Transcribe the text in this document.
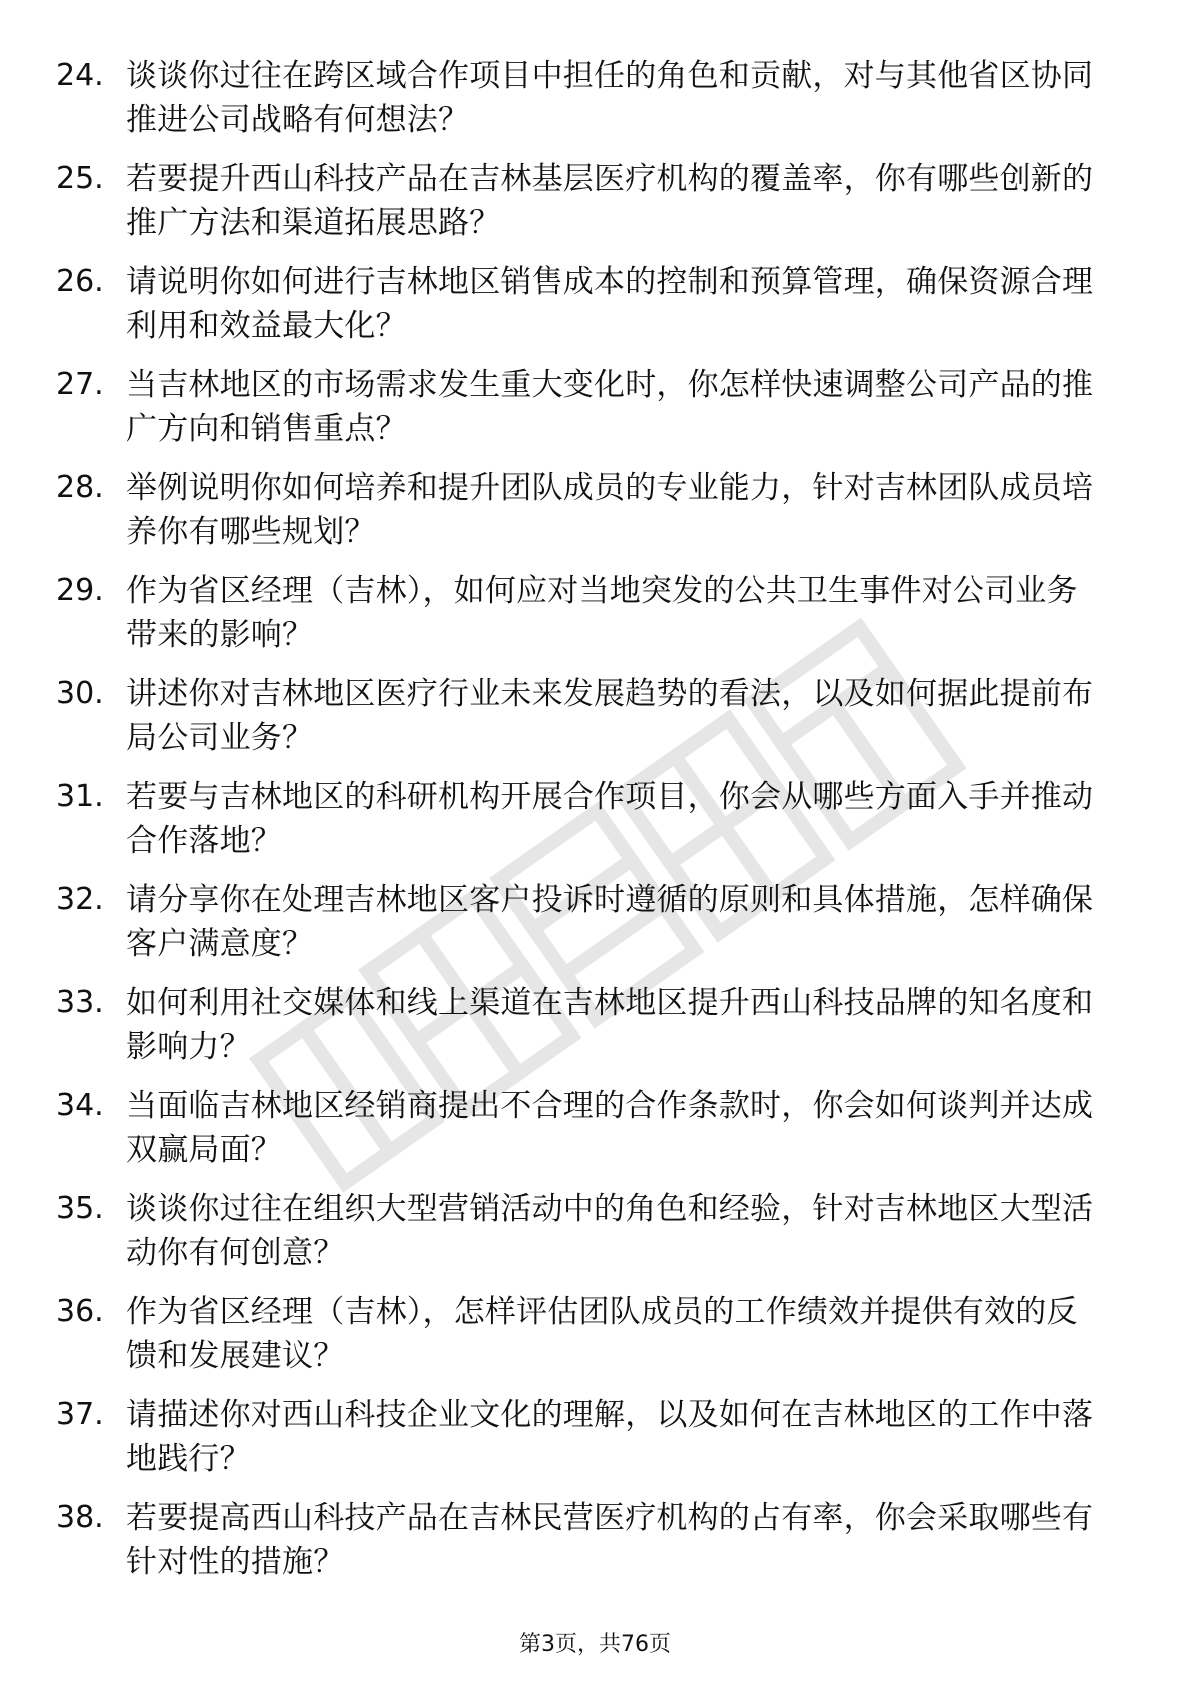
24. 谈谈你过往在跨区域合作项目中担任的角色和贡献，对与其他省区协同推进公司战略有何想法？
25. 若要提升西山科技产品在吉林基层医疗机构的覆盖率，你有哪些创新的推广方法和渠道拓展思路？
26. 请说明你如何进行吉林地区销售成本的控制和预算管理，确保资源合理利用和效益最大化？
27. 当吉林地区的市场需求发生重大变化时，你怎样快速调整公司产品的推广方向和销售重点？
28. 举例说明你如何培养和提升团队成员的专业能力，针对吉林团队成员培养你有哪些规划？
29. 作为省区经理（吉林），如何应对当地突发的公共卫生事件对公司业务带来的影响？
30. 讲述你对吉林地区医疗行业未来发展趋势的看法，以及如何据此提前布局公司业务？
31. 若要与吉林地区的科研机构开展合作项目，你会从哪些方面入手并推动合作落地？
32. 请分享你在处理吉林地区客户投诉时遵循的原则和具体措施，怎样确保客户满意度？
33. 如何利用社交媒体和线上渠道在吉林地区提升西山科技品牌的知名度和影响力？
34. 当面临吉林地区经销商提出不合理的合作条款时，你会如何谈判并达成双赢局面？
35. 谈谈你过往在组织大型营销活动中的角色和经验，针对吉林地区大型活动你有何创意？
36. 作为省区经理（吉林），怎样评估团队成员的工作绩效并提供有效的反馈和发展建议？
37. 请描述你对西山科技企业文化的理解，以及如何在吉林地区的工作中落地践行？
38. 若要提高西山科技产品在吉林民营医疗机构的占有率，你会采取哪些有针对性的措施？
第3页，共76页
